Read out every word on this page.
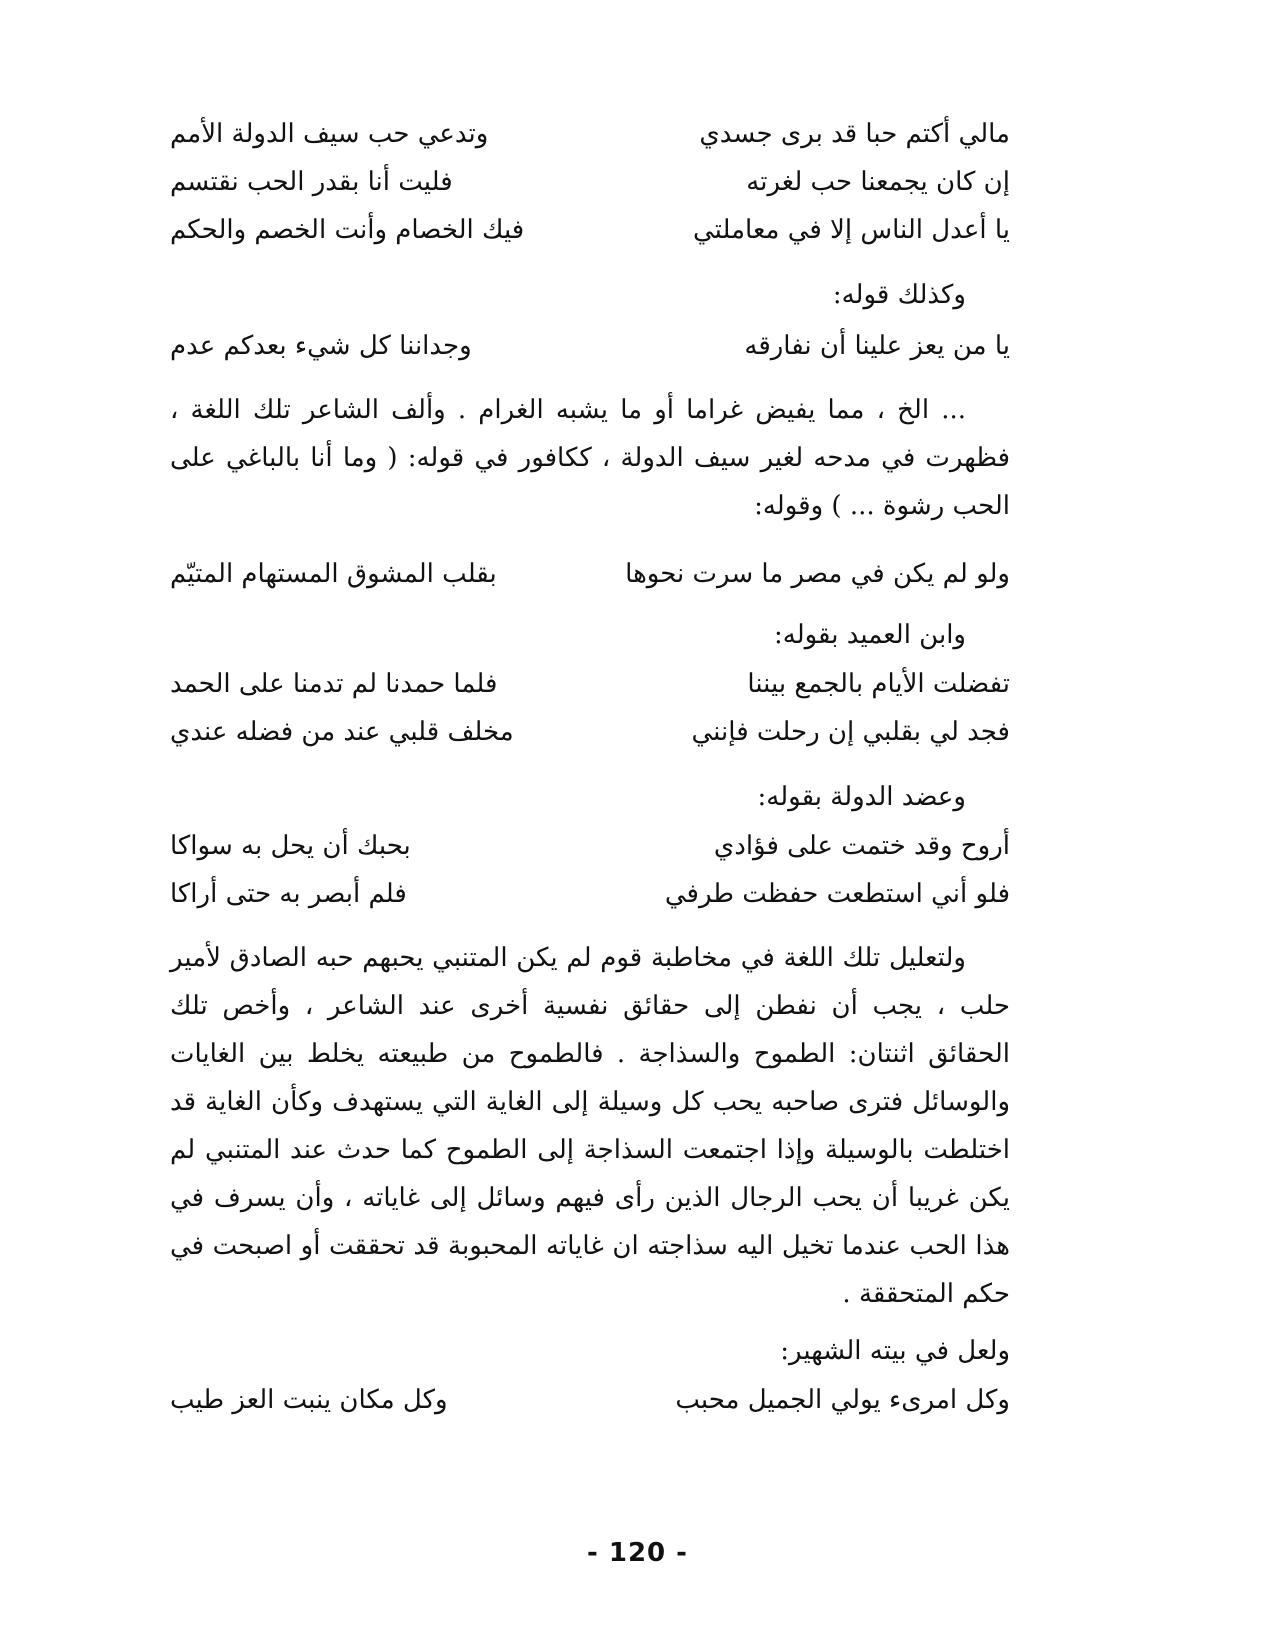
مالي أكتم حبا قد برى جسدي
وتدعي حب سيف الدولة الأمم
إن كان يجمعنا حب لغرته
فليت أنا بقدر الحب نقتسم
يا أعدل الناس إلا في معاملتي
فيك الخصام وأنت الخصم والحكم
وكذلك قوله:
يا من يعز علينا أن نفارقه
وجداننا كل شيء بعدكم عدم
... الخ ، مما يفيض غراما أو ما يشبه الغرام . وألف الشاعر تلك اللغة ، فظهرت في مدحه لغير سيف الدولة ، ككافور في قوله: ( وما أنا بالباغي على الحب رشوة ... ) وقوله:
ولو لم يكن في مصر ما سرت نحوها
بقلب المشوق المستهام المتيّم
وابن العميد بقوله:
تفضلت الأيام بالجمع بيننا
فلما حمدنا لم تدمنا على الحمد
فجد لي بقلبي إن رحلت فإنني
مخلف قلبي عند من فضله عندي
وعضد الدولة بقوله:
أروح وقد ختمت على فؤادي
بحبك أن يحل به سواكا
فلو أني استطعت حفظت طرفي
فلم أبصر به حتى أراكا
ولتعليل تلك اللغة في مخاطبة قوم لم يكن المتنبي يحبهم حبه الصادق لأمير حلب ، يجب أن نفطن إلى حقائق نفسية أخرى عند الشاعر ، وأخص تلك الحقائق اثنتان: الطموح والسذاجة . فالطموح من طبيعته يخلط بين الغايات والوسائل فترى صاحبه يحب كل وسيلة إلى الغاية التي يستهدف وكأن الغاية قد اختلطت بالوسيلة وإذا اجتمعت السذاجة إلى الطموح كما حدث عند المتنبي لم يكن غريبا أن يحب الرجال الذين رأى فيهم وسائل إلى غاياته ، وأن يسرف في هذا الحب عندما تخيل اليه سذاجته ان غاياته المحبوبة قد تحققت أو اصبحت في حكم المتحققة .
ولعل في بيته الشهير:
وكل امرىء يولي الجميل محبب
وكل مكان ينبت العز طيب
- 120 -
